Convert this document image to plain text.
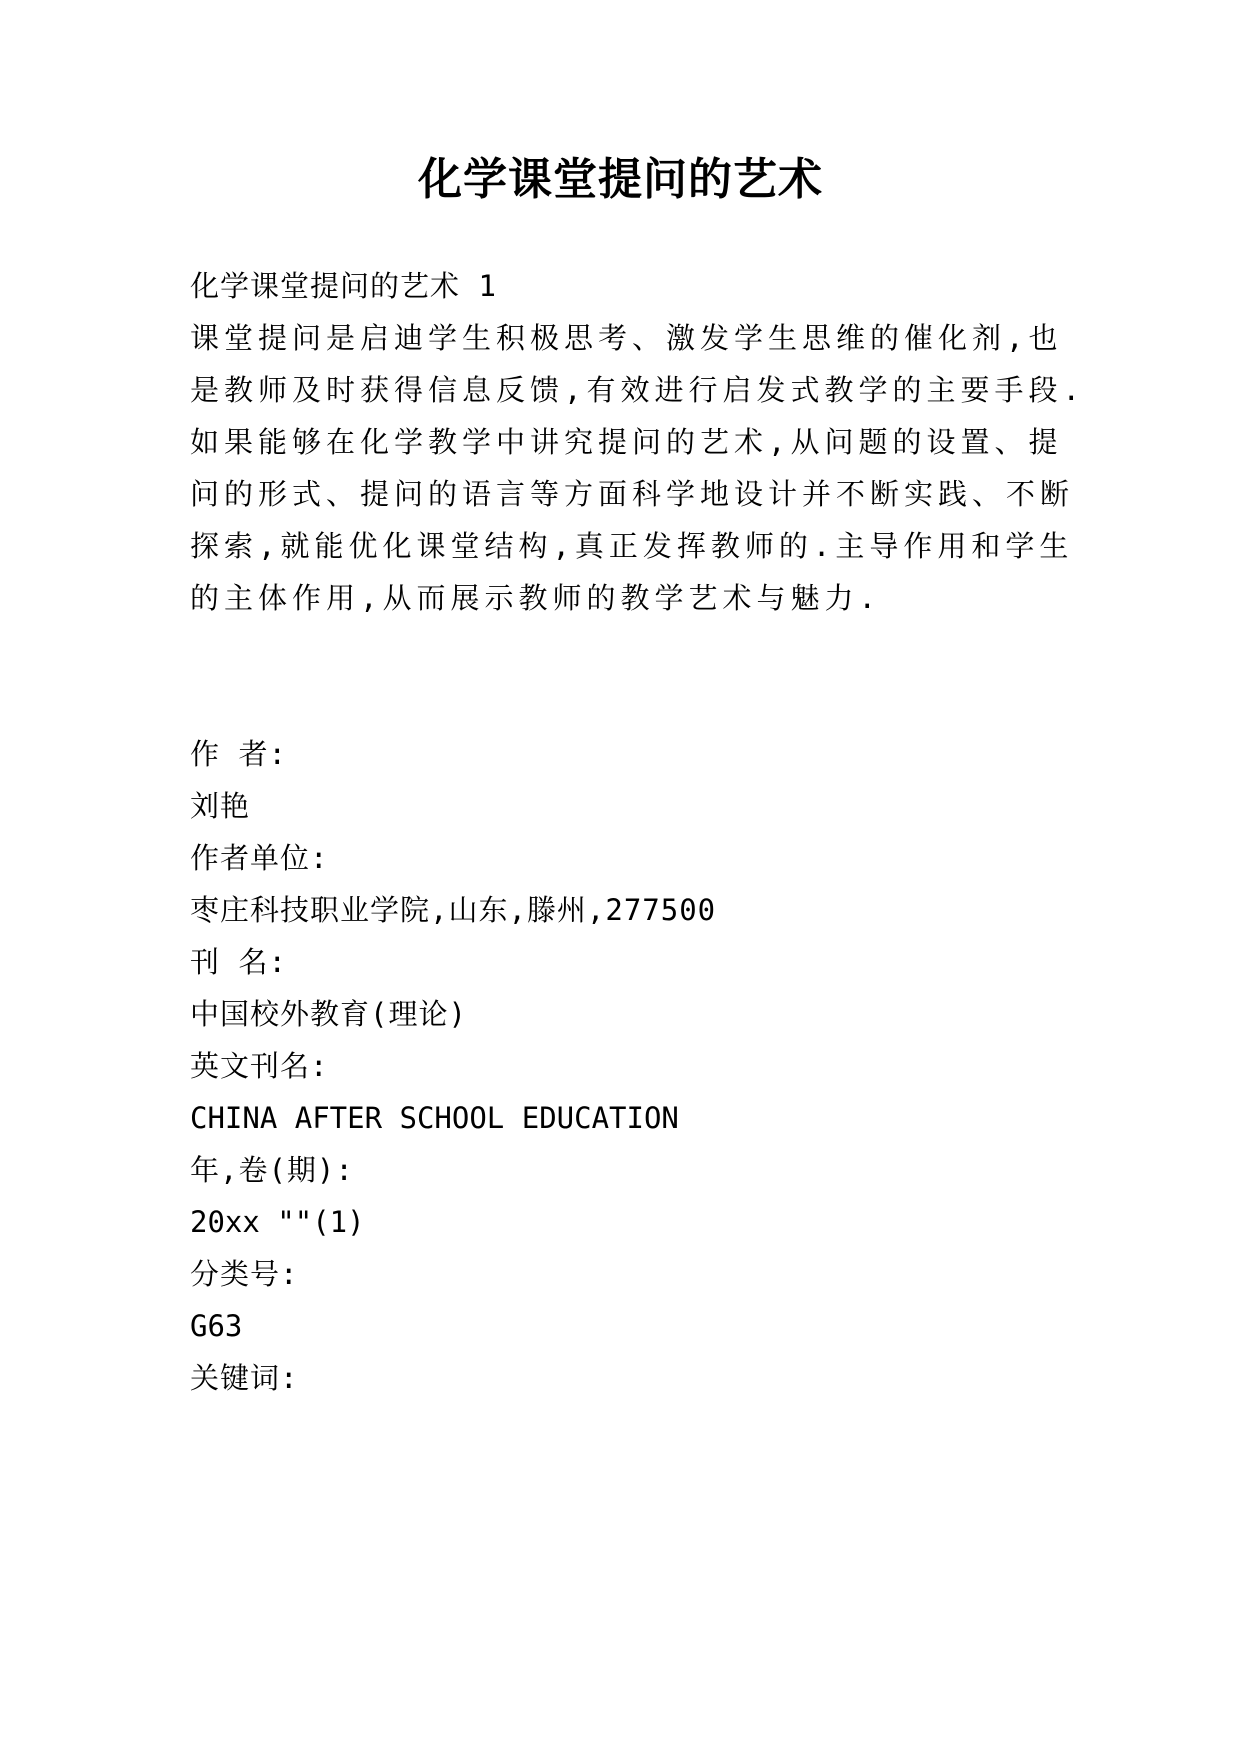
化学课堂提问的艺术
化学课堂提问的艺术 1
课堂提问是启迪学生积极思考、激发学生思维的催化剂,也
是教师及时获得信息反馈,有效进行启发式教学的主要手段.
如果能够在化学教学中讲究提问的艺术,从问题的设置、提
问的形式、提问的语言等方面科学地设计并不断实践、不断
探索,就能优化课堂结构,真正发挥教师的.主导作用和学生
的主体作用,从而展示教师的教学艺术与魅力.
作 者:
刘艳
作者单位:
枣庄科技职业学院,山东,滕州,277500
刊 名:
中国校外教育(理论)
英文刊名:
CHINA AFTER SCHOOL EDUCATION
年,卷(期):
20xx ""(1)
分类号:
G63
关键词:
